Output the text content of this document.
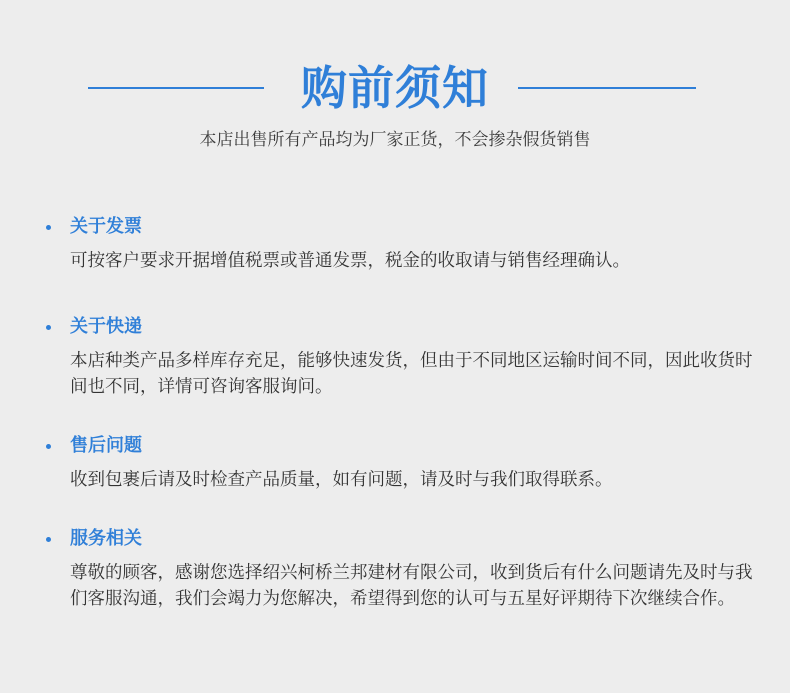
购前须知
本店出售所有产品均为厂家正货，不会掺杂假货销售
关于发票
可按客户要求开据增值税票或普通发票，税金的收取请与销售经理确认。
关于快递
本店种类产品多样库存充足，能够快速发货，但由于不同地区运输时间不同，因此收货时间也不同，详情可咨询客服询问。
售后问题
收到包裹后请及时检查产品质量，如有问题，请及时与我们取得联系。
服务相关
尊敬的顾客，感谢您选择绍兴柯桥兰邦建材有限公司，收到货后有什么问题请先及时与我们客服沟通，我们会竭力为您解决，希望得到您的认可与五星好评期待下次继续合作。
